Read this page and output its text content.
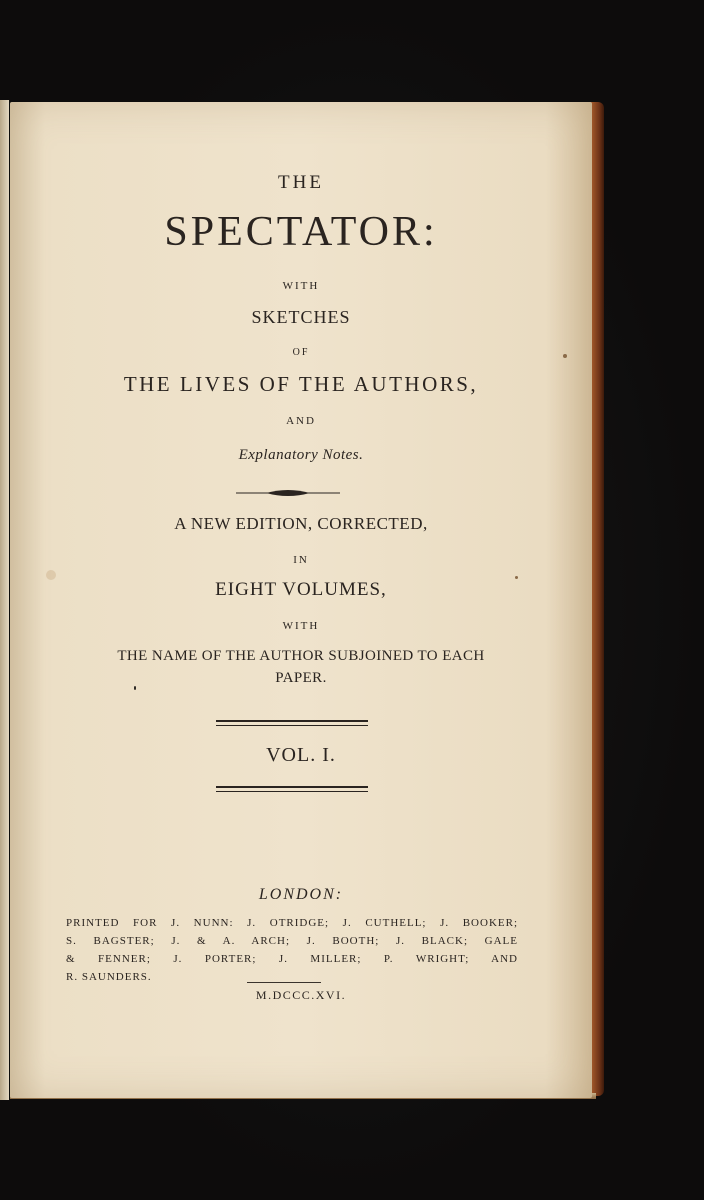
THE
SPECTATOR:
WITH
SKETCHES
OF
THE LIVES OF THE AUTHORS,
AND
Explanatory Notes.
A NEW EDITION, CORRECTED,
IN
EIGHT VOLUMES,
WITH
THE NAME OF THE AUTHOR SUBJOINED TO EACH
PAPER.
VOL. I.
LONDON:
PRINTED FOR J. NUNN: J. OTRIDGE; J. CUTHELL; J. BOOKER;
S. BAGSTER; J. & A. ARCH; J. BOOTH; J. BLACK; GALE
& FENNER; J. PORTER; J. MILLER; P. WRIGHT; AND
R. SAUNDERS.
M.DCCC.XVI.
